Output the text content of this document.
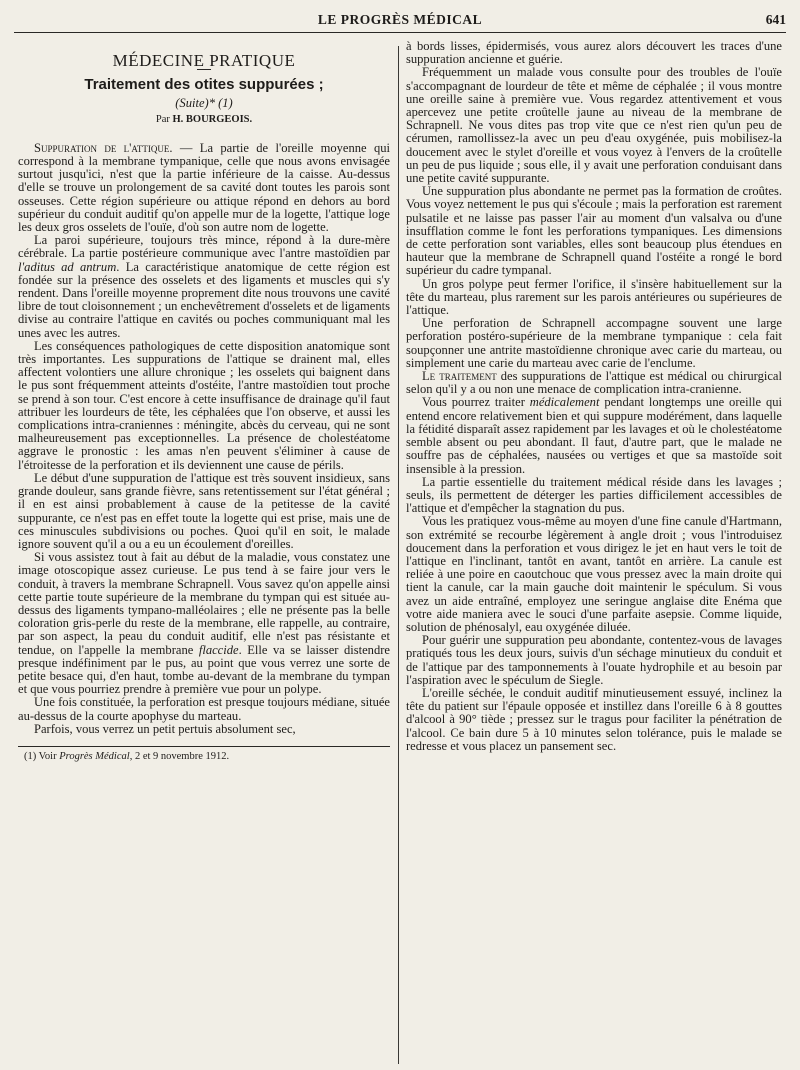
LE PROGRÈS MÉDICAL	641
MÉDECINE PRATIQUE
Traitement des otites suppurées ;
(Suite)* (1)
Par H. BOURGEOIS.

Suppuration de l'attique. — La partie de l'oreille moyenne qui correspond à la membrane tympanique, celle que nous avons envisagée surtout jusqu'ici, n'est que la partie inférieure de la caisse. Au-dessus d'elle se trouve un prolongement de sa cavité dont toutes les parois sont osseuses. Cette région supérieure ou attique répond en dehors au bord supérieur du conduit auditif qu'on appelle mur de la logette, l'attique loge les deux gros osselets de l'ouïe, d'où son autre nom de logette.

La paroi supérieure, toujours très mince, répond à la dure-mère cérébrale. La partie postérieure communique avec l'antre mastoïdien par l'aditus ad antrum. La caractéristique anatomique de cette région est fondée sur la présence des osselets et des ligaments et muscles qui s'y rendent. Dans l'oreille moyenne proprement dite nous trouvons une cavité libre de tout cloisonnement ; un enchevêtrement d'osselets et de ligaments divise au contraire l'attique en cavités ou poches communiquant mal les unes avec les autres.

Les conséquences pathologiques de cette disposition anatomique sont très importantes. Les suppurations de l'attique se drainent mal, elles affectent volontiers une allure chronique ; les osselets qui baignent dans le pus sont fréquemment atteints d'ostéite, l'antre mastoïdien tout proche se prend à son tour. C'est encore à cette insuffisance de drainage qu'il faut attribuer les lourdeurs de tête, les céphalées que l'on observe, et aussi les complications intra-craniennes : méningite, abcès du cerveau, qui ne sont malheureusement pas exceptionnelles. La présence de cholestéatome aggrave le pronostic : les amas n'en peuvent s'éliminer à cause de l'étroitesse de la perforation et ils deviennent une cause de périls.

Le début d'une suppuration de l'attique est très souvent insidieux, sans grande douleur, sans grande fièvre, sans retentissement sur l'état général ; il en est ainsi probablement à cause de la petitesse de la cavité suppurante, ce n'est pas en effet toute la logette qui est prise, mais une de ces minuscules subdivisions ou poches. Quoi qu'il en soit, le malade ignore souvent qu'il a ou a eu un écoulement d'oreilles.

Si vous assistez tout à fait au début de la maladie, vous constatez une image otoscopique assez curieuse. Le pus tend à se faire jour vers le conduit, à travers la membrane Schrapnell. Vous savez qu'on appelle ainsi cette partie toute supérieure de la membrane du tympan qui est située au-dessus des ligaments tympano-malléolaires ; elle ne présente pas la belle coloration gris-perle du reste de la membrane, elle rappelle, au contraire, par son aspect, la peau du conduit auditif, elle n'est pas résistante et tendue, on l'appelle la membrane flaccide. Elle va se laisser distendre presque indéfiniment par le pus, au point que vous verrez une sorte de petite besace qui, d'en haut, tombe au-devant de la membrane du tympan et que vous pourriez prendre à première vue pour un polype.

Une fois constituée, la perforation est presque toujours médiane, située au-dessus de la courte apophyse du marteau.

Parfois, vous verrez un petit pertuis absolument sec,

(1) Voir Progrès Médical, 2 et 9 novembre 1912.

à bords lisses, épidermisés, vous aurez alors découvert les traces d'une suppuration ancienne et guérie.

Fréquemment un malade vous consulte pour des troubles de l'ouïe s'accompagnant de lourdeur de tête et même de céphalée ; il vous montre une oreille saine à première vue. Vous regardez attentivement et vous apercevez une petite croûtelle jaune au niveau de la membrane de Schrapnell. Ne vous dites pas trop vite que ce n'est rien qu'un peu de cérumen, ramollissez-la avec un peu d'eau oxygénée, puis mobilisez-la doucement avec le stylet d'oreille et vous voyez à l'envers de la croûtelle un peu de pus liquide ; sous elle, il y avait une perforation conduisant dans une petite cavité suppurante.

Une suppuration plus abondante ne permet pas la formation de croûtes. Vous voyez nettement le pus qui s'écoule ; mais la perforation est rarement pulsatile et ne laisse pas passer l'air au moment d'un valsalva ou d'une insufflation comme le font les perforations tympaniques. Les dimensions de cette perforation sont variables, elles sont beaucoup plus étendues en hauteur que la membrane de Schrapnell quand l'ostéite a rongé le bord supérieur du cadre tympanal.

Un gros polype peut fermer l'orifice, il s'insère habituellement sur la tête du marteau, plus rarement sur les parois antérieures ou supérieures de l'attique.

Une perforation de Schrapnell accompagne souvent une large perforation postéro-supérieure de la membrane tympanique : cela fait soupçonner une antrite mastoïdienne chronique avec carie du marteau, ou simplement une carie du marteau avec carie de l'enclume.

Le traitement des suppurations de l'attique est médical ou chirurgical selon qu'il y a ou non une menace de complication intra-cranienne.

Vous pourrez traiter médicalement pendant longtemps une oreille qui entend encore relativement bien et qui suppure modérément, dans laquelle la fétidité disparaît assez rapidement par les lavages et où le cholestéatome semble absent ou peu abondant. Il faut, d'autre part, que le malade ne souffre pas de céphalées, nausées ou vertiges et que sa mastoïde soit insensible à la pression.

La partie essentielle du traitement médical réside dans les lavages ; seuls, ils permettent de déterger les parties difficilement accessibles de l'attique et d'empêcher la stagnation du pus.

Vous les pratiquez vous-même au moyen d'une fine canule d'Hartmann, son extrémité se recourbe légèrement à angle droit ; vous l'introduisez doucement dans la perforation et vous dirigez le jet en haut vers le toit de l'attique en l'inclinant, tantôt en avant, tantôt en arrière. La canule est reliée à une poire en caoutchouc que vous pressez avec la main droite qui tient la canule, car la main gauche doit maintenir le spéculum. Si vous avez un aide entraîné, employez une seringue anglaise dite Enéma que votre aide maniera avec le souci d'une parfaite asepsie. Comme liquide, solution de phénosalyl, eau oxygénée diluée.

Pour guérir une suppuration peu abondante, contentez-vous de lavages pratiqués tous les deux jours, suivis d'un séchage minutieux du conduit et de l'attique par des tamponnements à l'ouate hydrophile et au besoin par l'aspiration avec le spéculum de Siegle.

L'oreille séchée, le conduit auditif minutieusement essuyé, inclinez la tête du patient sur l'épaule opposée et instillez dans l'oreille 6 à 8 gouttes d'alcool à 90° tiède ; pressez sur le tragus pour faciliter la pénétration de l'alcool. Ce bain dure 5 à 10 minutes selon tolérance, puis le malade se redresse et vous placez un pansement sec.
